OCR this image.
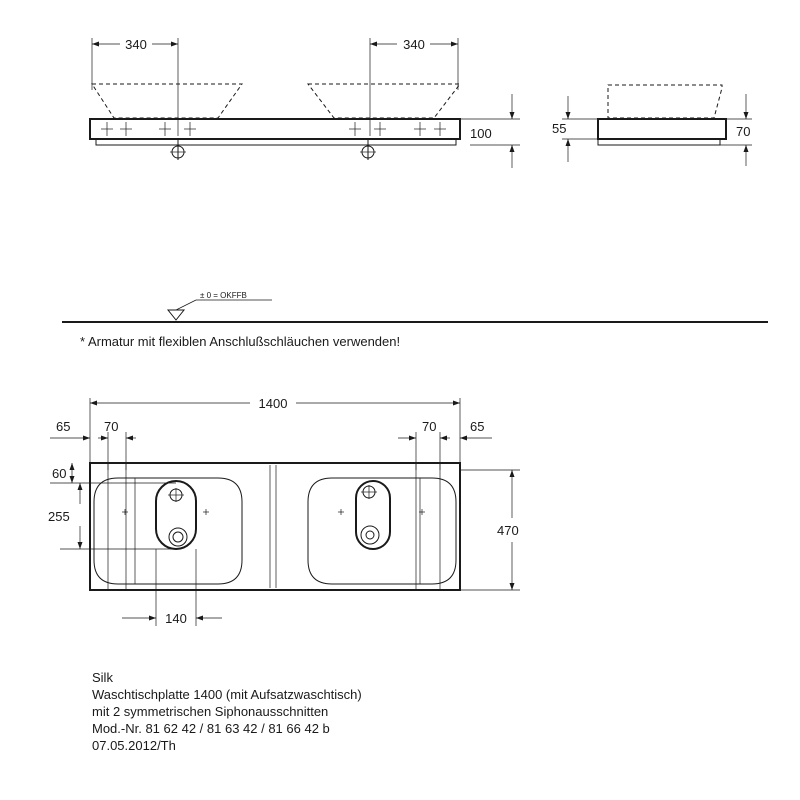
340	340
100	55	70
± 0 = OKFFB
1400
65	70	70	65
60
255
470
140
* Armatur mit flexiblen Anschlußschläuchen verwenden!
Silk
Waschtischplatte 1400 (mit Aufsatzwaschtisch)
mit 2 symmetrischen Siphonausschnitten
Mod.-Nr. 81 62 42 / 81 63 42 / 81 66 42 b
07.05.2012/Th
